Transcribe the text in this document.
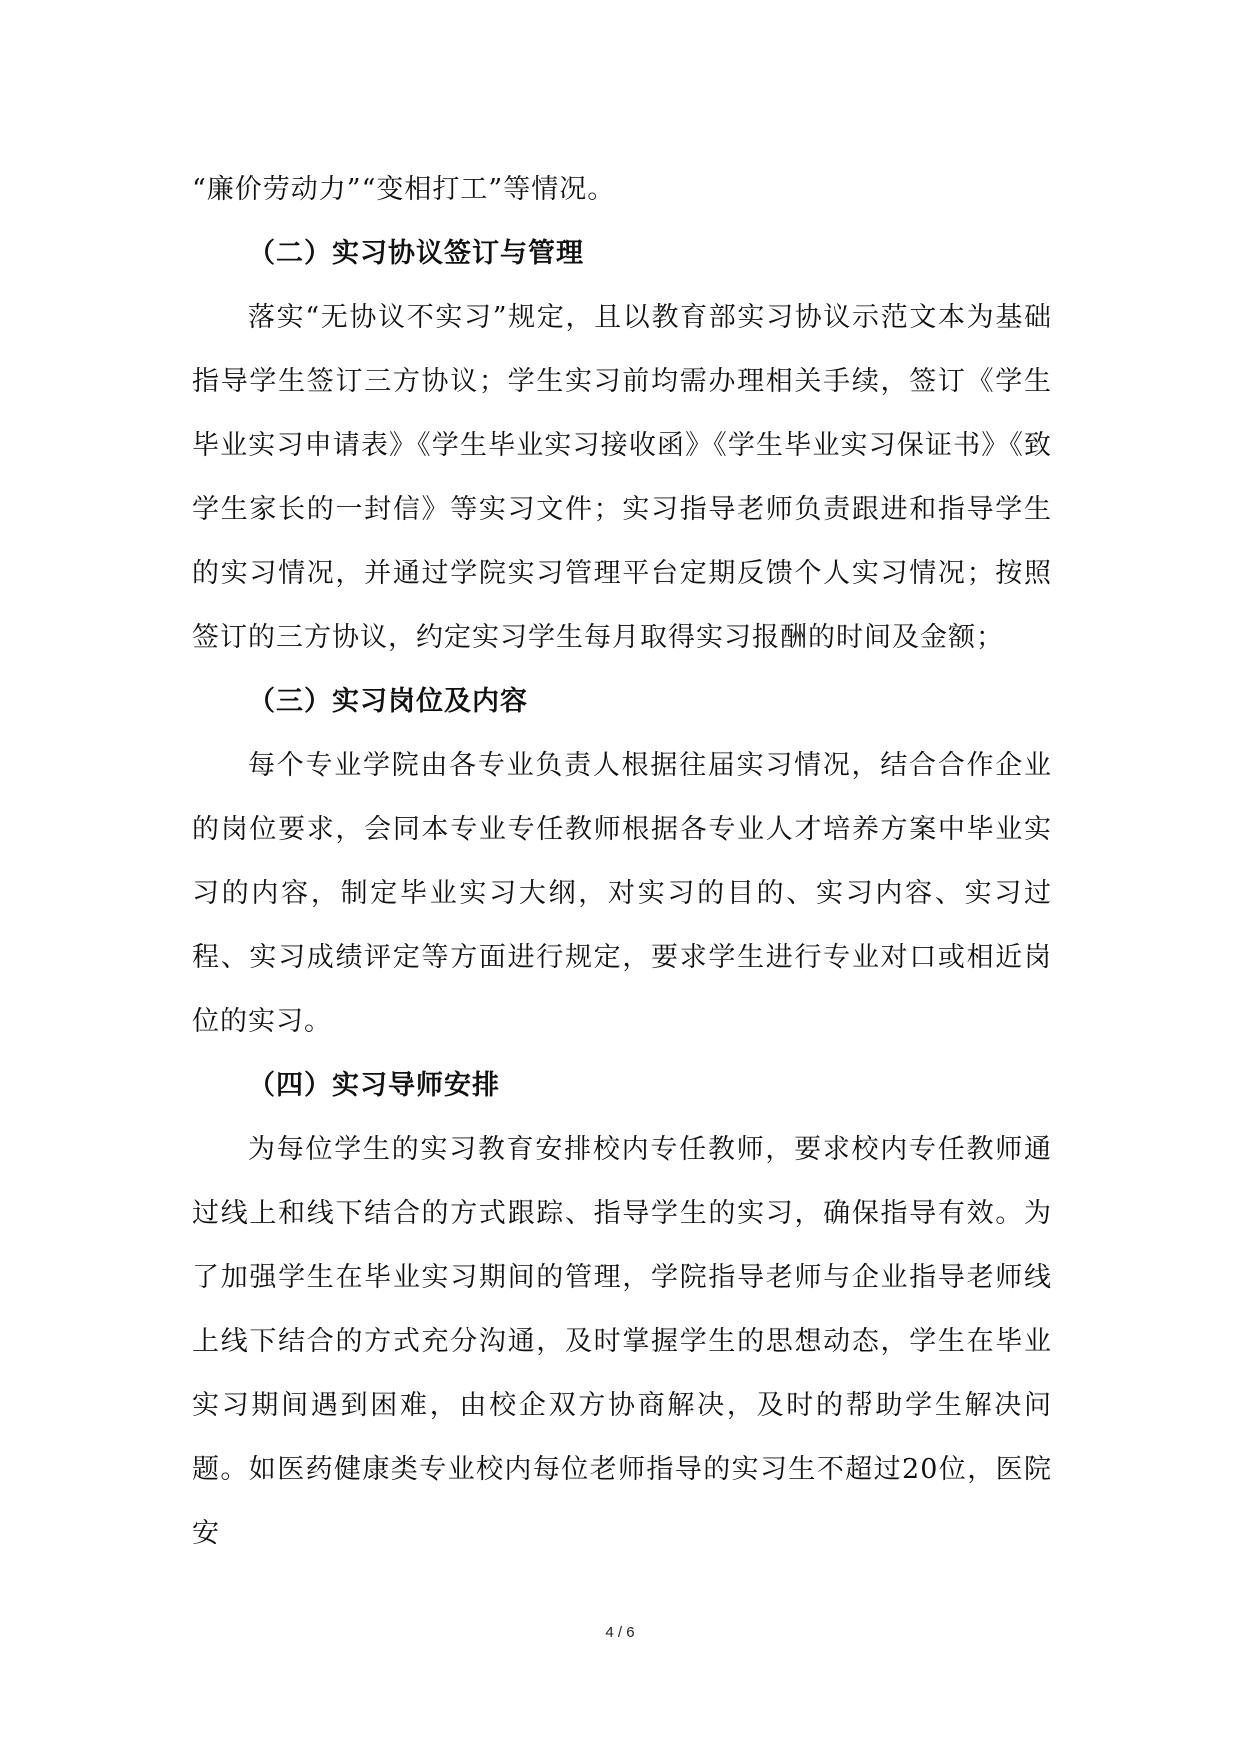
“廉价劳动力”“变相打工”等情况。

（二）实习协议签订与管理

落实“无协议不实习”规定，且以教育部实习协议示范文本为基础指导学生签订三方协议；学生实习前均需办理相关手续，签订《学生毕业实习申请表》《学生毕业实习接收函》《学生毕业实习保证书》《致学生家长的一封信》等实习文件；实习指导老师负责跟进和指导学生的实习情况，并通过学院实习管理平台定期反馈个人实习情况；按照签订的三方协议，约定实习学生每月取得实习报酬的时间及金额；

（三）实习岗位及内容

每个专业学院由各专业负责人根据往届实习情况，结合合作企业的岗位要求，会同本专业专任教师根据各专业人才培养方案中毕业实习的内容，制定毕业实习大纲，对实习的目的、实习内容、实习过程、实习成绩评定等方面进行规定，要求学生进行专业对口或相近岗位的实习。

（四）实习导师安排

为每位学生的实习教育安排校内专任教师，要求校内专任教师通过线上和线下结合的方式跟踪、指导学生的实习，确保指导有效。为了加强学生在毕业实习期间的管理，学院指导老师与企业指导老师线上线下结合的方式充分沟通，及时掌握学生的思想动态，学生在毕业实习期间遇到困难，由校企双方协商解决，及时的帮助学生解决问题。如医药健康类专业校内每位老师指导的实习生不超过20位，医院安

4 / 6
